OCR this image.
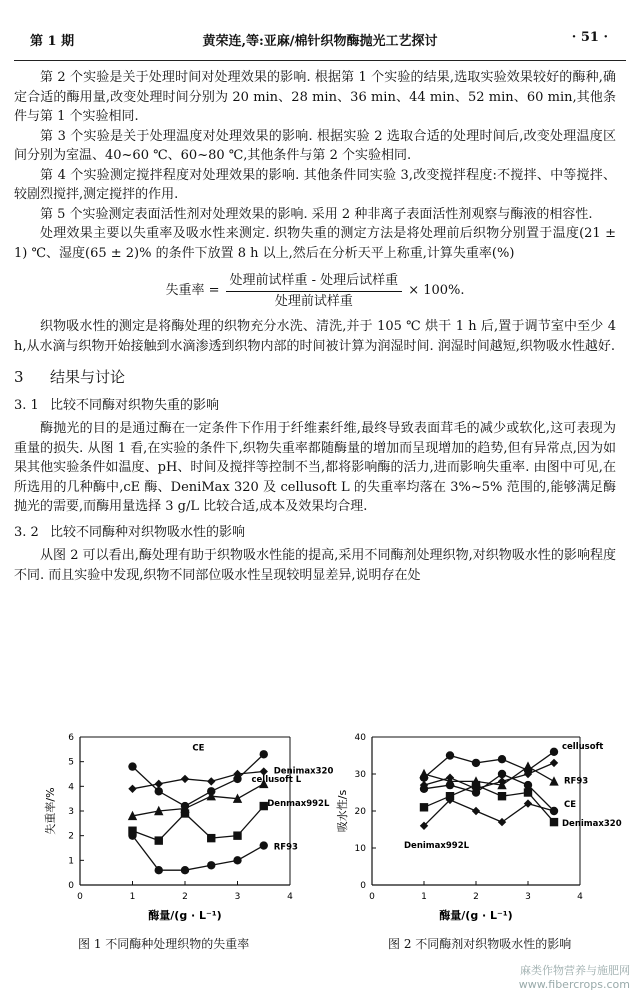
第 1 期	黄荣连,等:亚麻/棉针织物酶抛光工艺探讨	· 51 ·

第 2 个实验是关于处理时间对处理效果的影响. 根据第 1 个实验的结果,选取实验效果较好的酶种,确定合适的酶用量,改变处理时间分别为 20 min、28 min、36 min、44 min、52 min、60 min,其他条件与第 1 个实验相同.

第 3 个实验是关于处理温度对处理效果的影响. 根据实验 2 选取合适的处理时间后,改变处理温度区间分别为室温、40~60 ℃、60~80 ℃,其他条件与第 2 个实验相同.

第 4 个实验测定搅拌程度对处理效果的影响. 其他条件同实验 3,改变搅拌程度:不搅拌、中等搅拌、较剧烈搅拌,测定搅拌的作用.

第 5 个实验测定表面活性剂对处理效果的影响. 采用 2 种非离子表面活性剂观察与酶液的相容性.

处理效果主要以失重率及吸水性来测定. 织物失重的测定方法是将处理前后织物分别置于温度(21 ± 1) ℃、湿度(65 ± 2)% 的条件下放置 8 h 以上,然后在分析天平上称重,计算失重率(%)

失重率 = $\frac{\text{处理前试样重 - 处理后试样重}}{\text{处理前试样重}} \times 100\%$.

织物吸水性的测定是将酶处理的织物充分水洗、清洗,并于 105 ℃ 烘干 1 h 后,置于调节室中至少 4 h,从水滴与织物开始接触到水滴渗透到织物内部的时间被计算为润湿时间. 润湿时间越短,织物吸水性越好.

3 结果与讨论
3. 1 比较不同酶对织物失重的影响

酶抛光的目的是通过酶在一定条件下作用于纤维素纤维,最终导致表面茸毛的减少或软化,这可表现为重量的损失. 从图 1 看,在实验的条件下,织物失重率都随酶量的增加而呈现增加的趋势,但有异常点,因为如果其他实验条件如温度、pH、时间及搅拌等控制不当,都将影响酶的活力,进而影响失重率. 由图中可见,在所选用的几种酶中,cE 酶、DeniMax 320 及 cellusoft L 的失重率均落在 3%~5% 范围的,能够满足酶抛光的需要,而酶用量选择 3 g/L 比较合适,成本及效果均合理.

3. 2 比较不同酶种对织物吸水性的影响

从图 2 可以看出,酶处理有助于织物吸水性能的提高,采用不同酶剂处理织物,对织物吸水性的影响程度不同. 而且实验中发现,织物不同部位吸水性呈现较明显差异,说明存在处

0	1	2	3	4
0
1
2
3
4
5
6
酶量/(g · L⁻¹)
失重率/%
CE
Denimax320
cellusoft L
Denmax992L
RF93
图 1 不同酶种处理织物的失重率
0	1	2	3	4
0
10
20
30
40
酶量/(g · L⁻¹)
吸水性/s
cellusoft
RF93
CE
Denimax320
Denimax992L
图 2 不同酶剂对织物吸水性的影响
麻类作物营养与施肥网
www.fibercrops.com
